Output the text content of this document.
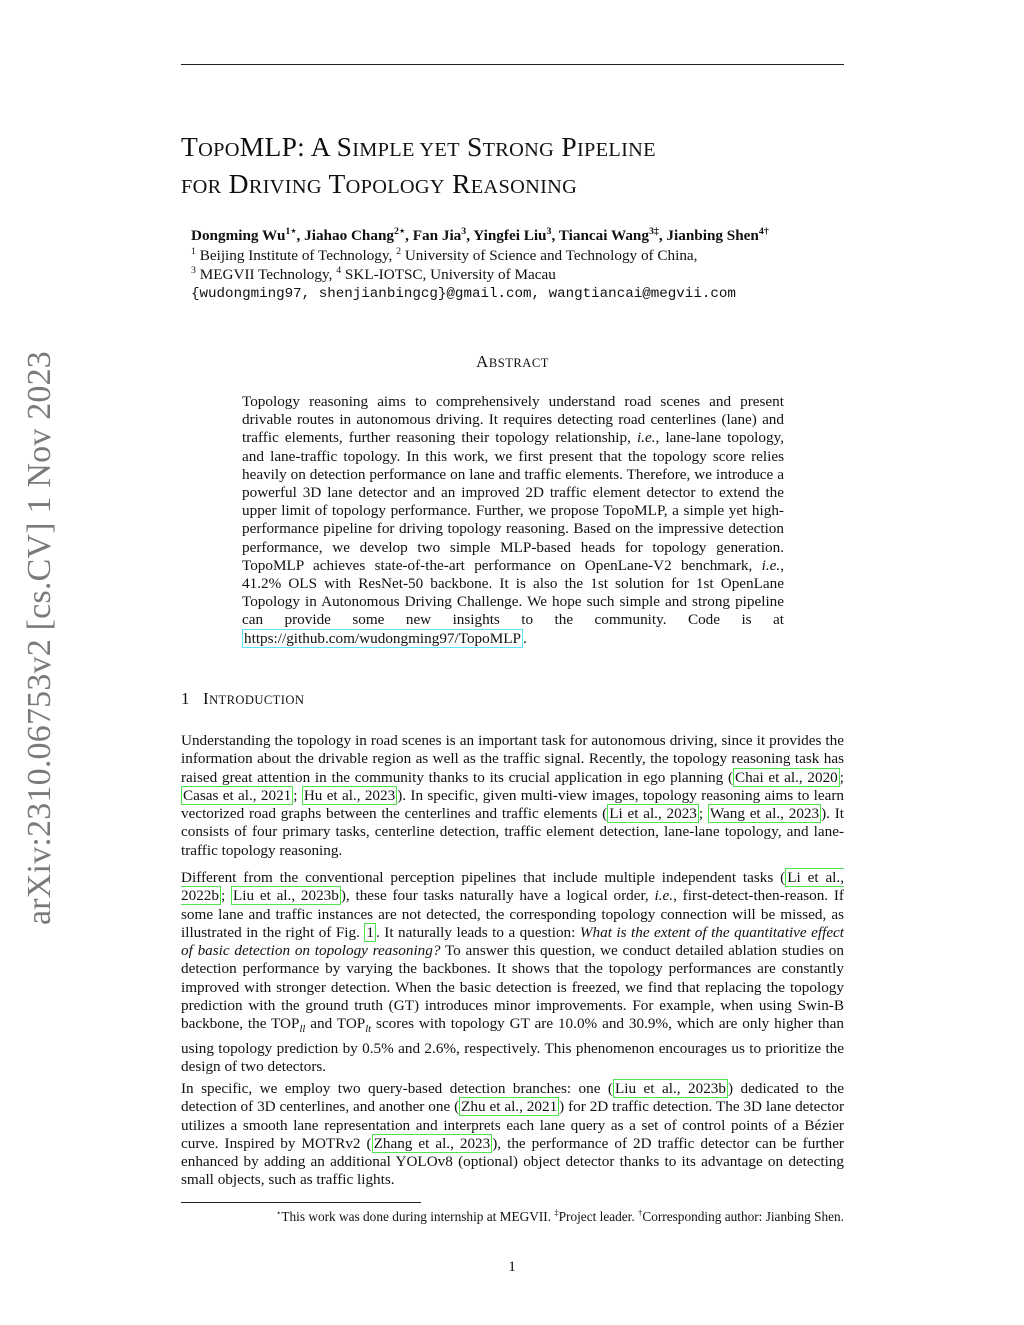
arXiv:2310.06753v2 [cs.CV] 1 Nov 2023
TOPOMLP: A SIMPLE YET STRONG PIPELINE
FOR DRIVING TOPOLOGY REASONING
Dongming $Wu^{1⋆}$, Jiahao Chang$^{2⋆}$, Fan Jia$^3$, Yingfei Liu$^3$, Tiancai Wang$^{3\ddagger}$, Jianbing Shen$^{4\dagger}$
$^1$ Beijing Institute of Technology, $^2$ University of Science and Technology of China,
$^3$ MEGVII Technology, $^4$ SKL-IOTSC, University of Macau
{wudongming97, shenjianbingcg}@gmail.com, wangtiancai@megvii.com
ABSTRACT
Topology reasoning aims to comprehensively understand road scenes and present drivable routes in autonomous driving. It requires detecting road centerlines (lane) and traffic elements, further reasoning their topology relationship, i.e., lane-lane topology, and lane-traffic topology. In this work, we first present that the topology score relies heavily on detection performance on lane and traffic elements. Therefore, we introduce a powerful 3D lane detector and an improved 2D traffic element detector to extend the upper limit of topology performance. Further, we propose TopoMLP, a simple yet high-performance pipeline for driving topology reasoning. Based on the impressive detection performance, we develop two simple MLP-based heads for topology generation. TopoMLP achieves state-of-the-art performance on OpenLane-V2 benchmark, i.e., 41.2% OLS with ResNet-50 backbone. It is also the 1st solution for 1st OpenLane Topology in Autonomous Driving Challenge. We hope such simple and strong pipeline can provide some new insights to the community. Code is at https://github.com/wudongming97/TopoMLP .
1 INTRODUCTION
Understanding the topology in road scenes is an important task for autonomous driving, since it provides the information about the drivable region as well as the traffic signal. Recently, the topology reasoning task has raised great attention in the community thanks to its crucial application in ego planning ( Chai et al., 2020 ; Casas et al., 2021 ; Hu et al., 2023 ). In specific, given multi-view images, topology reasoning aims to learn vectorized road graphs between the centerlines and traffic elements ( Li et al., 2023 ; Wang et al., 2023 ). It consists of four primary tasks, centerline detection, traffic element detection, lane-lane topology, and lane-traffic topology reasoning.
Different from the conventional perception pipelines that include multiple independent tasks ( Li et al., 2022b ; Liu et al., 2023b ), these four tasks naturally have a logical order, i.e., first-detect-then-reason. If some lane and traffic instances are not detected, the corresponding topology connection will be missed, as illustrated in the right of Fig. 1 . It naturally leads to a question: What is the extent of the quantitative effect of basic detection on topology reasoning? To answer this question, we conduct detailed ablation studies on detection performance by varying the backbones. It shows that the topology performances are constantly improved with stronger detection. When the basic detection is freezed, we find that replacing the topology prediction with the ground truth (GT) introduces minor improvements. For example, when using Swin-B backbone, the $TOP_{ll}$ and $TOP_{lt}$ scores with topology GT are 10.0% and 30.9%, which are only higher than using topology prediction by 0.5% and 2.6%, respectively. This phenomenon encourages us to prioritize the design of two detectors.
In specific, we employ two query-based detection branches: one ( Liu et al., 2023b ) dedicated to the detection of 3D centerlines, and another one ( Zhu et al., 2021 ) for 2D traffic detection. The 3D lane detector utilizes a smooth lane representation and interprets each lane query as a set of control points of a Bézier curve. Inspired by MOTRv2 ( Zhang et al., 2023 ), the performance of 2D traffic detector can be further enhanced by adding an additional YOLOv8 (optional) object detector thanks to its advantage on detecting small objects, such as traffic lights.
⋆This work was done during internship at MEGVII. ‡Project leader. †Corresponding author: Jianbing Shen.
1
